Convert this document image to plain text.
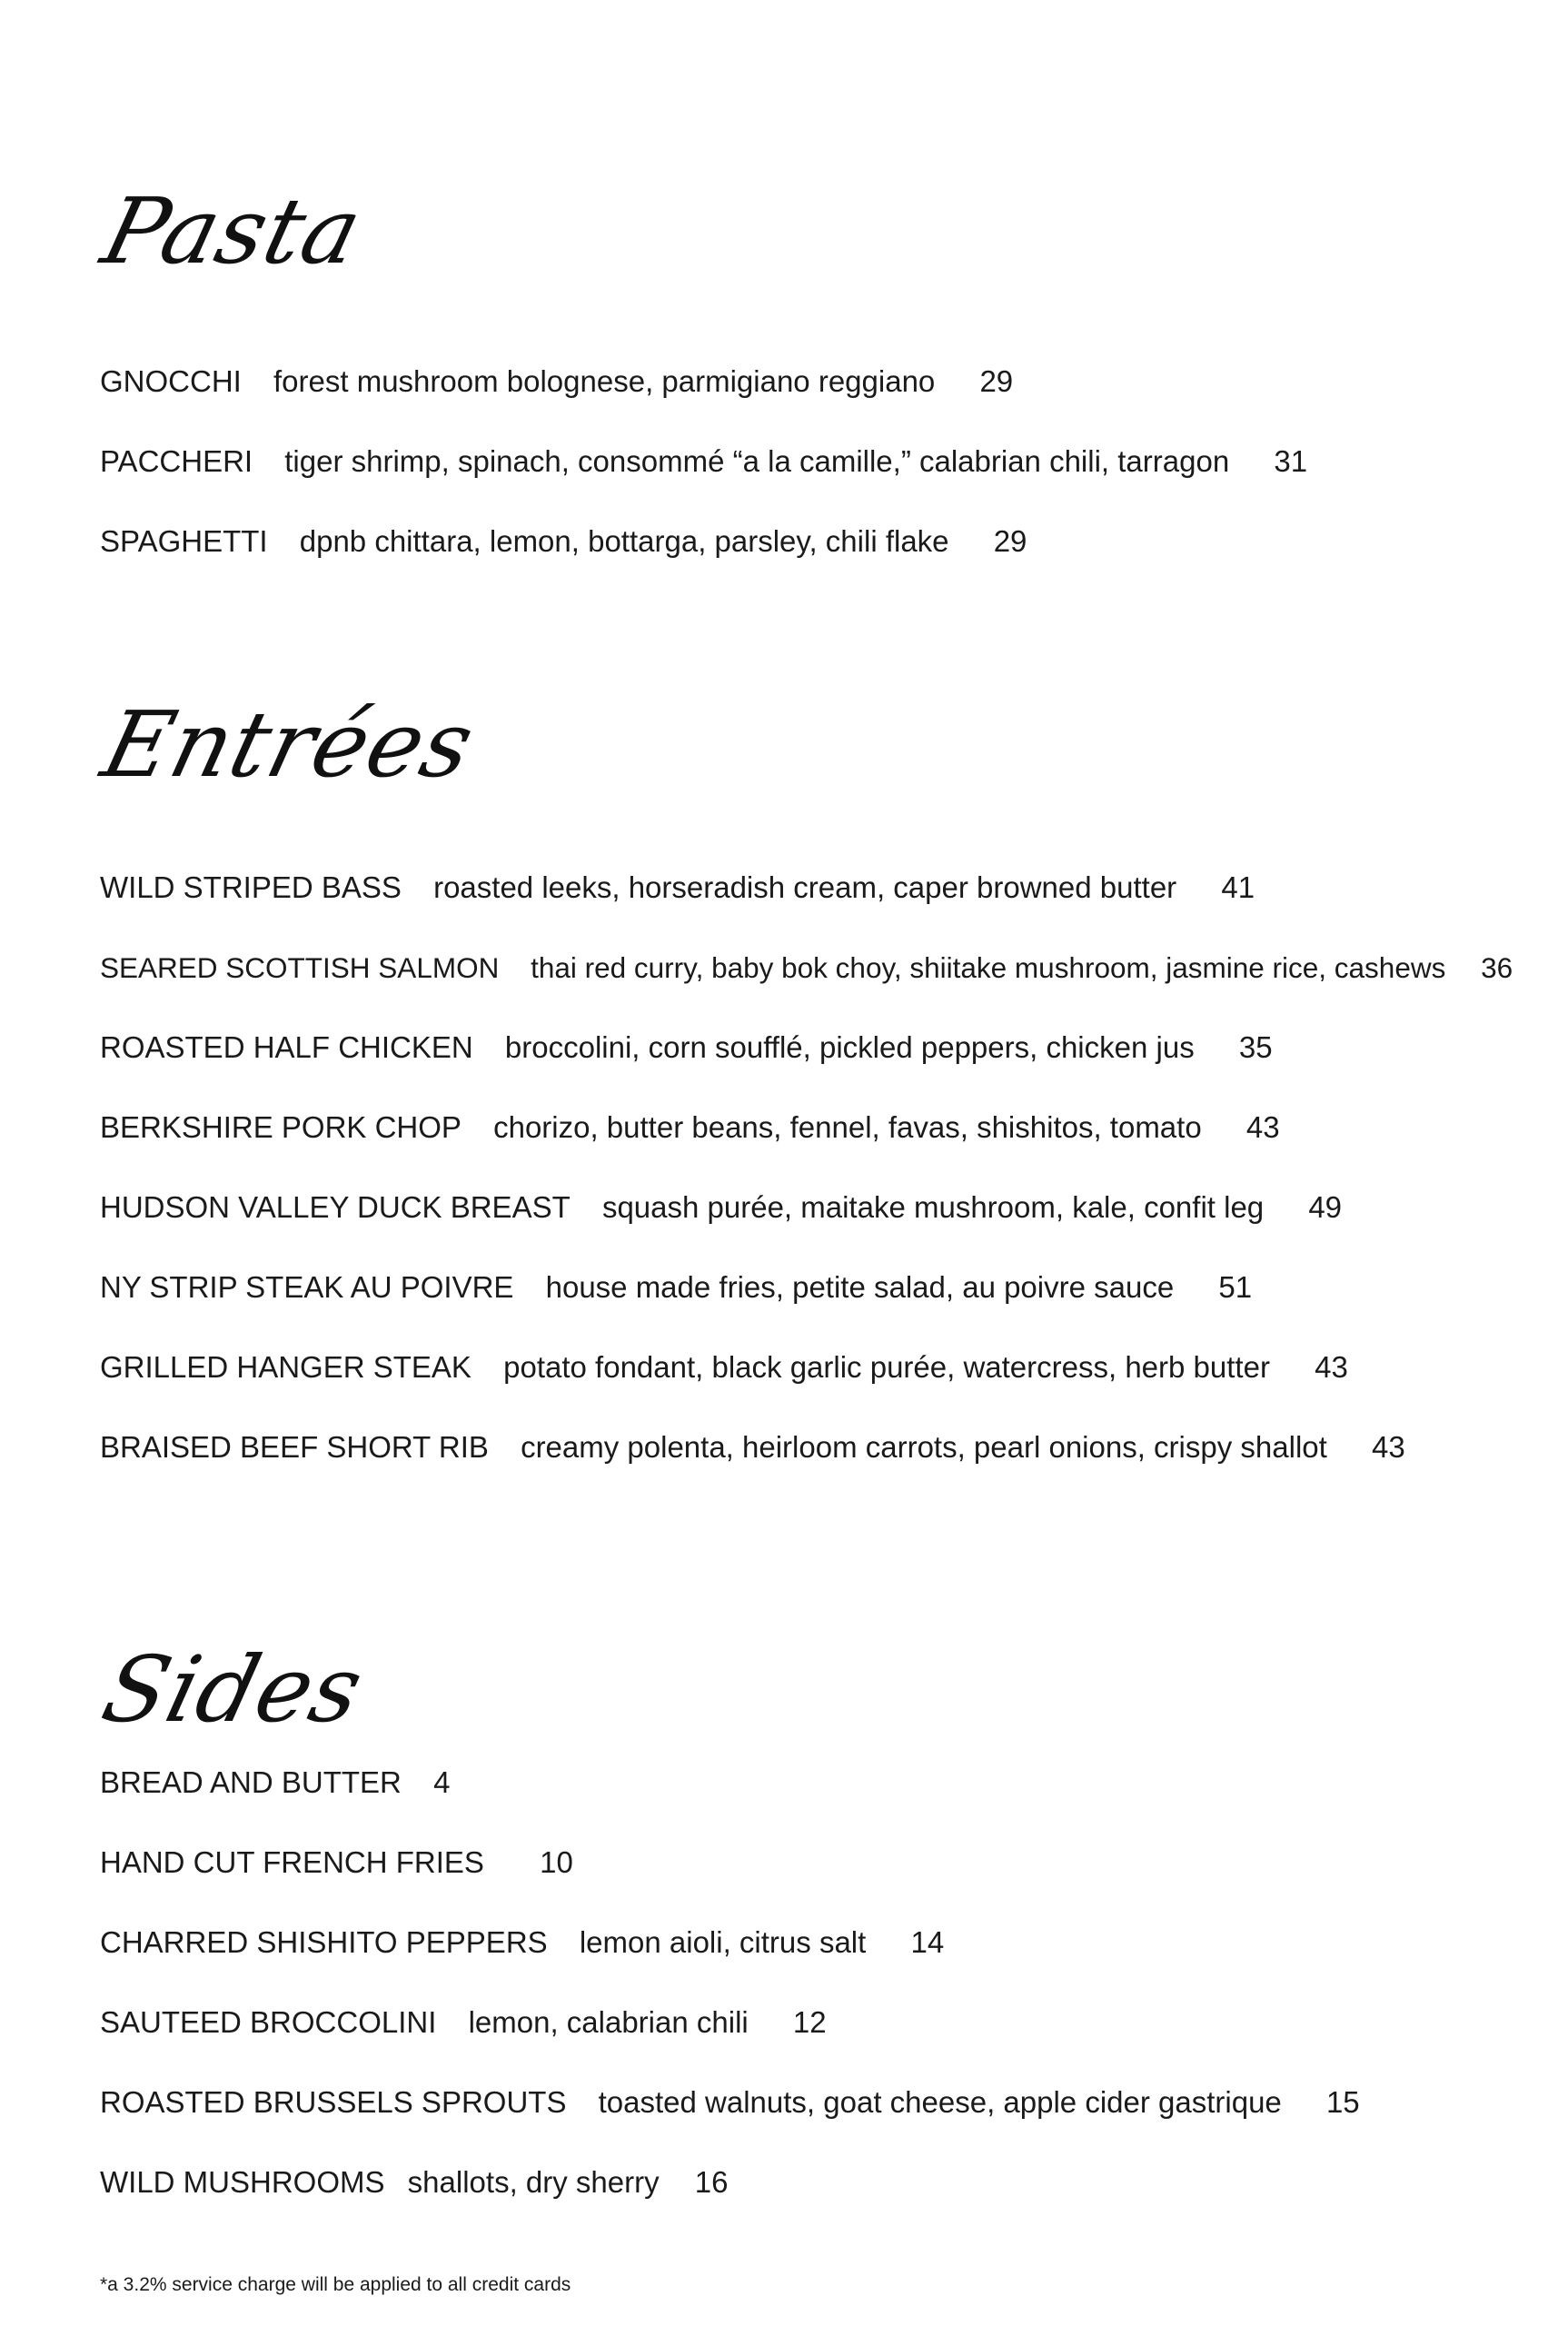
Pasta
GNOCCHI forest mushroom bolognese, parmigiano reggiano 29
PACCHERI tiger shrimp, spinach, consommé “a la camille,” calabrian chili, tarragon 31
SPAGHETTI dpnb chittara, lemon, bottarga, parsley, chili flake 29
Entrées
WILD STRIPED BASS roasted leeks, horseradish cream, caper browned butter 41
SEARED SCOTTISH SALMON thai red curry, baby bok choy, shiitake mushroom, jasmine rice, cashews 36
ROASTED HALF CHICKEN broccolini, corn soufflé, pickled peppers, chicken jus 35
BERKSHIRE PORK CHOP chorizo, butter beans, fennel, favas, shishitos, tomato 43
HUDSON VALLEY DUCK BREAST squash purée, maitake mushroom, kale, confit leg 49
NY STRIP STEAK AU POIVRE house made fries, petite salad, au poivre sauce 51
GRILLED HANGER STEAK potato fondant, black garlic purée, watercress, herb butter 43
BRAISED BEEF SHORT RIB creamy polenta, heirloom carrots, pearl onions, crispy shallot 43
Sides
BREAD AND BUTTER 4
HAND CUT FRENCH FRIES 10
CHARRED SHISHITO PEPPERS lemon aioli, citrus salt 14
SAUTEED BROCCOLINI lemon, calabrian chili 12
ROASTED BRUSSELS SPROUTS toasted walnuts, goat cheese, apple cider gastrique 15
WILD MUSHROOMS shallots, dry sherry 16
*a 3.2% service charge will be applied to all credit cards
